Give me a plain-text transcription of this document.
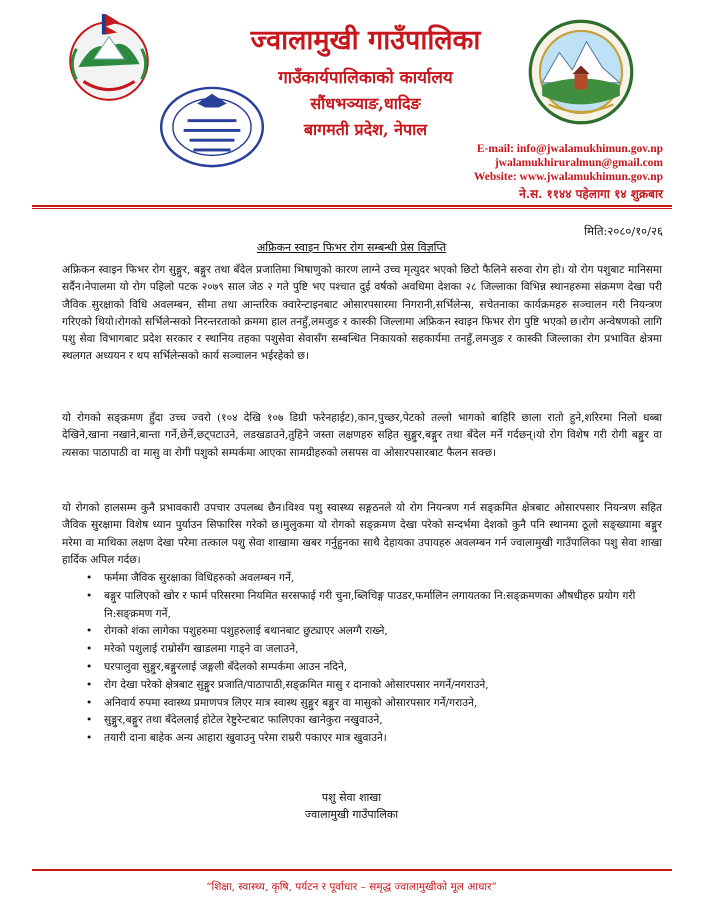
ज्वालामुखी गाउँपालिका
गाउँकार्यपालिकाको कार्यालय
सौंधभञ्याङ,धादिङ
बागमती प्रदेश, नेपाल
E-mail: info@jwalamukhimun.gov.np
jwalamukhiruralmun@gmail.com
Website: www.jwalamukhimun.gov.np
ने.स. ११४४ पहेलागा १४ शुक्रबार
मिति:२०८०/१०/२६
अफ्रिकन स्वाइन फिभर रोग सम्बन्धी प्रेस विज्ञप्ति
अफ्रिकन स्वाइन फिभर रोग सुङ्गुर, बङ्गुर तथा बँदेल प्रजातिमा भिषाणुको कारण लाग्ने उच्च मृत्युदर भएको छिटो फैलिने सरुवा रोग हो। यो रोग पशुबाट मानिसमा सर्दैन।नेपालमा यो रोग पहिलो पटक २०७९ साल जेठ २ गते पुष्टि भए पश्चात दुई वर्षको अवधिमा देशका २८ जिल्लाका विभिन्न स्थानहरुमा संक्रमण देखा परी जैविक सुरक्षाको विधि अवलम्बन, सीमा तथा आन्तरिक क्वारेन्टाइनबाट ओसारपसारमा निगरानी,सर्भिलेन्स, सचेतनाका कार्यक्रमहरु सञ्चालन गरी नियन्त्रण गरिएको थियो।रोगको सर्भिलेन्सको निरन्तरताको क्रममा हाल तनहुँ,लमजुङ र कास्की जिल्लामा अफ्रिकन स्वाइन फिभर रोग पुष्टि भएको छ।रोग अन्वेषणको लागि पशु सेवा विभागबाट प्रदेश सरकार र स्थानिय तहका पशुसेवा सेवासँग सम्बन्धित निकायको सहकार्यमा तनहुँ,लमजुङ र कास्की जिल्लाका रोग प्रभावित क्षेत्रमा स्थलगत अध्ययन र थप सर्भिलेन्सको कार्य सञ्चालन भईरहेको छ।
यो रोगको सङ्क्रमण हुँदा उच्च ज्वरो (१०४ देखि १०७ डिग्री फरेनहाईट),कान,पुच्छर,पेटको तल्लो भागको बाहिरि छाला रातो हुने,शरिरमा निलो धब्बा देखिने,खाना नखाने,बान्ता गर्ने,छेर्ने,छट्पटाउने, लडखडाउने,तुहिने जस्ता लक्षणहरु सहित सुङ्गुर,बङ्गुर तथा बँदेल मर्ने गर्दछन्।यो रोग विशेष गरी रोगी बङ्गुर वा त्यसका पाठापाठी वा मासु वा रोगी पशुको सम्पर्कमा आएका सामग्रीहरुको लसपस वा ओसारपसारबाट फैलन सक्छ।
यो रोगको हालसम्म कुनै प्रभावकारी उपचार उपलब्ध छैन।विश्व पशु स्वास्थ्य सङ्गठनले यो रोग नियन्त्रण गर्न सङ्क्रमित क्षेत्रबाट ओसारपसार नियन्त्रण सहित जैविक सुरक्षामा विशेष ध्यान पुर्याउन सिफारिस गरेको छ।मुलुकमा यो रोगको सङ्क्रमण देखा परेको सन्दर्भमा देशको कुनै पनि स्थानमा ठूलो सङ्ख्यामा बङ्गुर मरेमा वा माथिका लक्षण देखा परेमा तत्काल पशु सेवा शाखामा खबर गर्नुहुनका साथै देहायका उपायहरु अवलम्बन गर्न ज्वालामुखी गाउँपालिका पशु सेवा शाखा हार्दिक अपिल गर्दछ।
• फर्ममा जैविक सुरक्षाका विधिहरुको अवलम्बन गर्ने,
• बङ्गुर पालिएको खोर र फार्म परिसरमा नियमित सरसफाई गरी चुना,ब्लिचिङ्ग पाउडर,फर्मालिन लगायतका नि:सङ्क्रमणका औषधीहरु प्रयोग गरी नि:सङ्क्रमण गर्ने,
• रोगको शंका लागेका पशुहरुमा पशुहरुलाई बथानबाट छुट्याएर अलग्गै राख्ने,
• मरेको पशुलाई राम्रोसँग खाडलमा गाड्ने वा जलाउने,
• घरपालुवा सुङ्गुर,बङ्गुरलाई जङ्गली बँदेलको सम्पर्कमा आउन नदिने,
• रोग देखा परेको क्षेत्रबाट सुङ्गुर प्रजाति/पाठापाठी,सङ्क्रमित मासु र दानाको ओसारपसार नगर्ने/नगराउने,
• अनिवार्य रुपमा स्वास्थ्य प्रमाणपत्र लिएर मात्र स्वास्थ सुङ्गुर बङ्गुर वा मासुको ओसारपसार गर्ने/गराउने,
• सुङ्गुर,बङ्गुर तथा बँदेललाई होटेल रेष्टुरेन्टबाट फालिएका खानेकुरा नखुवाउने,
• तयारी दाना बाहेक अन्य आहारा खुवाउनु परेमा राम्ररी पकाएर मात्र खुवाउने।
पशु सेवा शाखा
ज्वालामुखी गाउँपालिका
“शिक्षा, स्वास्थ्य, कृषि, पर्यटन र पूर्वाधार – समृद्ध ज्वालामुखीको मूल आधार”
